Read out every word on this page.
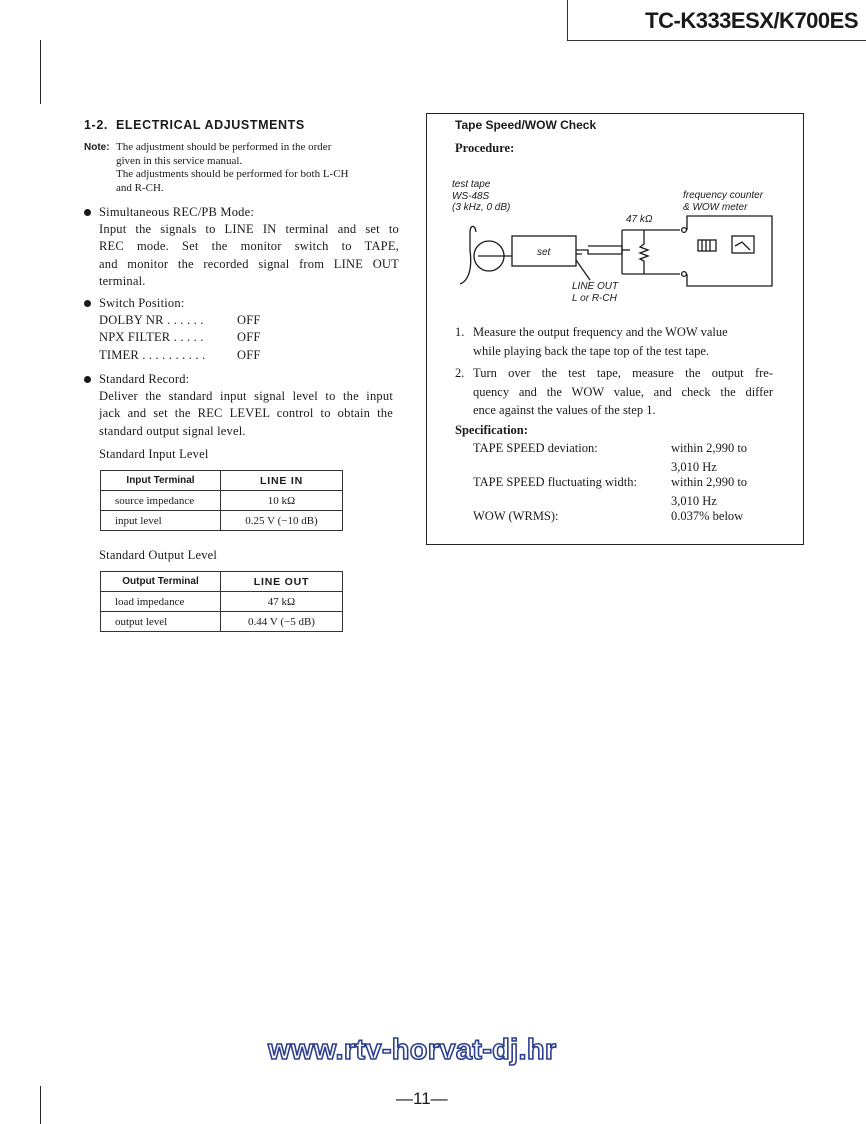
TC-K333ESX/K700ES
1-2. ELECTRICAL ADJUSTMENTS
Note: The adjustment should be performed in the order
given in this service manual.
The adjustments should be performed for both L-CH
and R-CH.
Simultaneous REC/PB Mode:
Input the signals to LINE IN terminal and set to
REC mode. Set the monitor switch to TAPE,
and monitor the recorded signal from LINE OUT
terminal.
Switch Position:
DOLBY NR . . . . . .	OFF
NPX FILTER . . . . .	OFF
TIMER . . . . . . . . . .	OFF
Standard Record:
Deliver the standard input signal level to the input
jack and set the REC LEVEL control to obtain the
standard output signal level.
Standard Input Level
Input Terminal	LINE IN
source impedance	10 kΩ
input level	0.25 V (−10 dB)
Standard Output Level
Output Terminal	LINE OUT
load impedance	47 kΩ
output level	0.44 V (−5 dB)
Tape Speed/WOW Check
Procedure:
test tape
WS-48S
(3 kHz, 0 dB)
frequency counter
& WOW meter
47 kΩ
set
LINE OUT
L or R-CH
1. Measure the output frequency and the WOW value
while playing back the tape top of the test tape.
2. Turn over the test tape, measure the output fre-
quency and the WOW value, and check the differ
ence against the values of the step 1.
Specification:
TAPE SPEED deviation:	within 2,990 to
3,010 Hz
TAPE SPEED fluctuating width:	within 2,990 to
3,010 Hz
WOW (WRMS):	0.037% below
www.rtv-horvat-dj.hr
—11—
